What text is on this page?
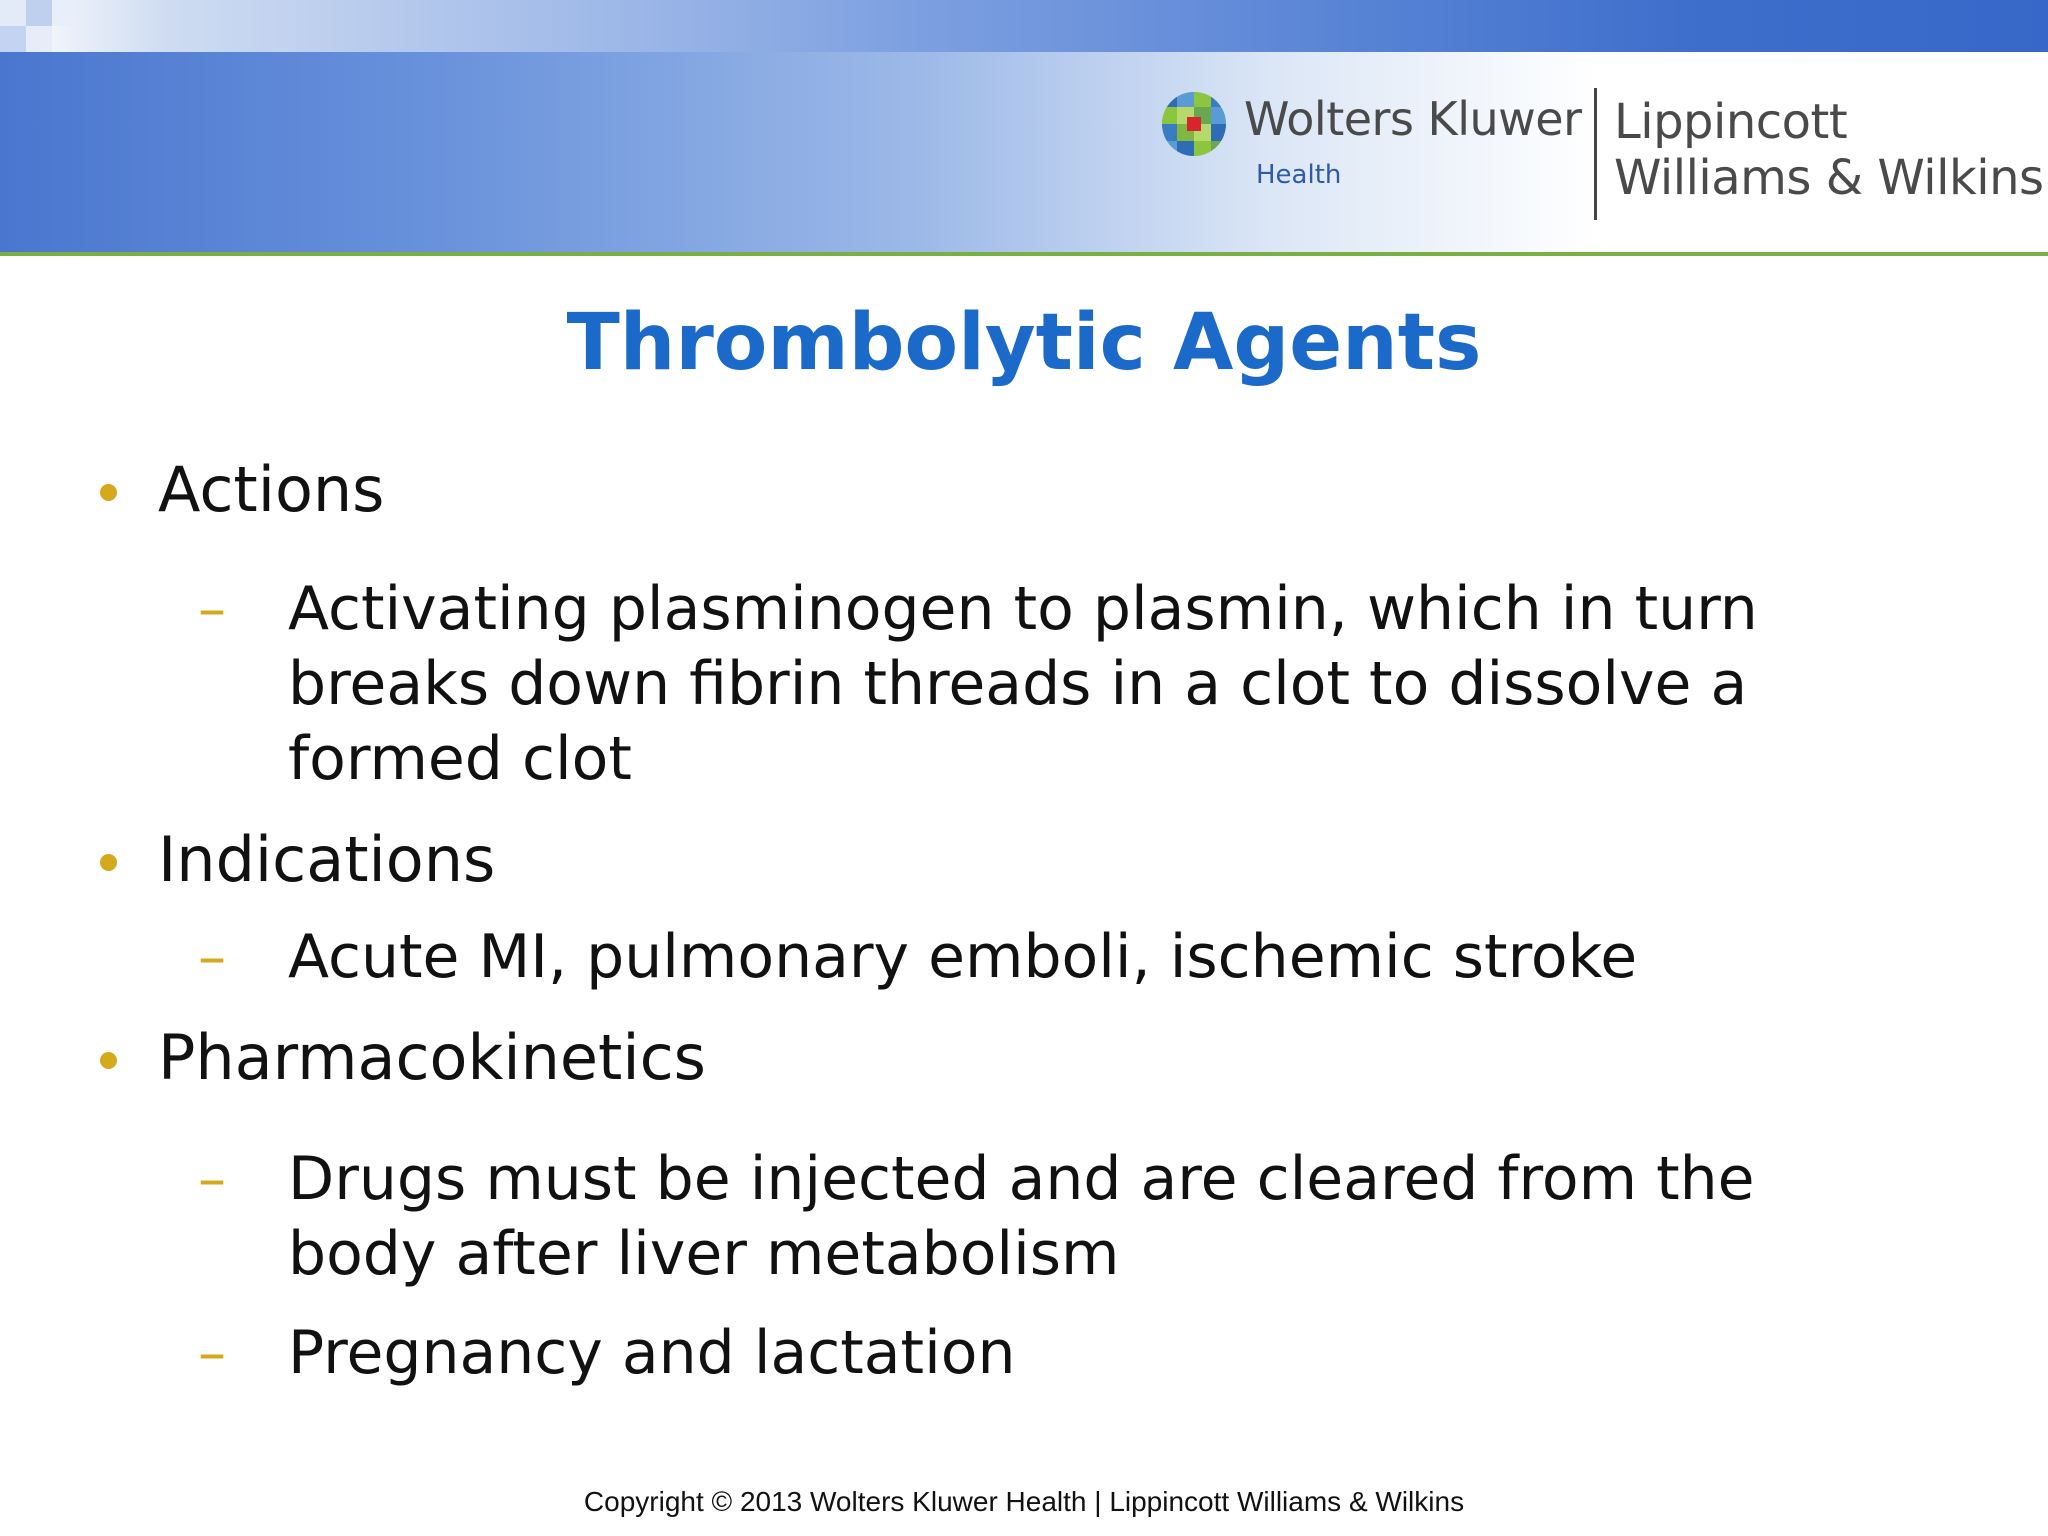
Wolters Kluwer
Health
Lippincott
Williams & Wilkins
Thrombolytic Agents
Actions
– Activating plasminogen to plasmin, which in turn
breaks down fibrin threads in a clot to dissolve a
formed clot
Indications
– Acute MI, pulmonary emboli, ischemic stroke
Pharmacokinetics
– Drugs must be injected and are cleared from the
body after liver metabolism
– Pregnancy and lactation
Copyright © 2013 Wolters Kluwer Health | Lippincott Williams & Wilkins
